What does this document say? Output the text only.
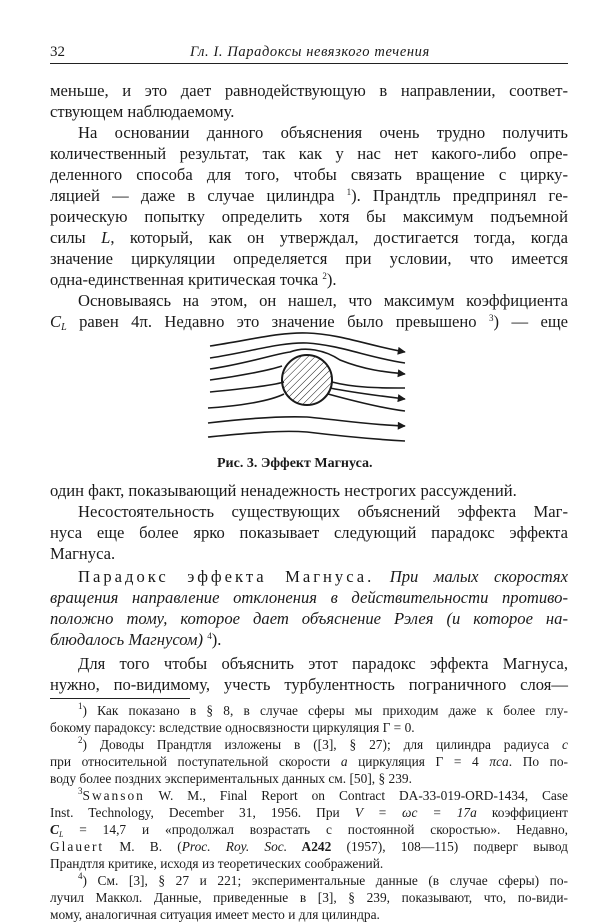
32	Гл. I. Парадоксы невязкого течения
меньше, и это дает равнодействующую в направлении, соответ-
ствующем наблюдаемому.
На основании данного объяснения очень трудно получить
количественный результат, так как у нас нет какого-либо опре-
деленного способа для того, чтобы связать вращение с цирку-
ляцией — даже в случае цилиндра $^1$). Прандтль предпринял ге-
роическую попытку определить хотя бы максимум подъемной
силы L, который, как он утверждал, достигается тогда, когда
значение циркуляции определяется при условии, что имеется
одна-единственная критическая точка $^2$).
Основываясь на этом, он нашел, что максимум коэффициента
$C_L$ равен 4π. Недавно это значение было превышено $^3$) — еще
Рис. 3. Эффект Магнуса.
один факт, показывающий ненадежность нестрогих рассуждений.
Несостоятельность существующих объяснений эффекта Маг-
нуса еще более ярко показывает следующий парадокс эффекта
Магнуса.
Парадокс эффекта Магнуса. При малых скоростях
вращения направление отклонения в действительности противо-
положно тому, которое дает объяснение Рэлея (и которое на-
блюдалось Магнусом) $^4$).
Для того чтобы объяснить этот парадокс эффекта Магнуса,
нужно, по-видимому, учесть турбулентность пограничного слоя—
$^1$) Как показано в § 8, в случае сферы мы приходим даже к более глу-
бокому парадоксу: вследствие односвязности циркуляция Γ = 0.
$^2$) Доводы Прандтля изложены в ([3], § 27); для цилиндра радиуса c
при относительной поступательной скорости a циркуляция Γ = 4 πca. По по-
воду более поздних экспериментальных данных см. [50], § 239.
$^3$Swanson W. M., Final Report on Contract DA-33-019-ORD-1434, Case
Inst. Technology, December 31, 1956. При V = ωc = 17a коэффициент
$C_L = 14,7$ и «продолжал возрастать с постоянной скоростью». Недавно,
Glauert M. B. (Proc. Roy. Soc. A242 (1957), 108—115) подверг вывод
Прандтля критике, исходя из теоретических соображений.
$^4$) См. [3], § 27 и 221; экспериментальные данные (в случае сферы) по-
лучил Маккол. Данные, приведенные в [3], § 239, показывают, что, по-види-
мому, аналогичная ситуация имеет место и для цилиндра.
